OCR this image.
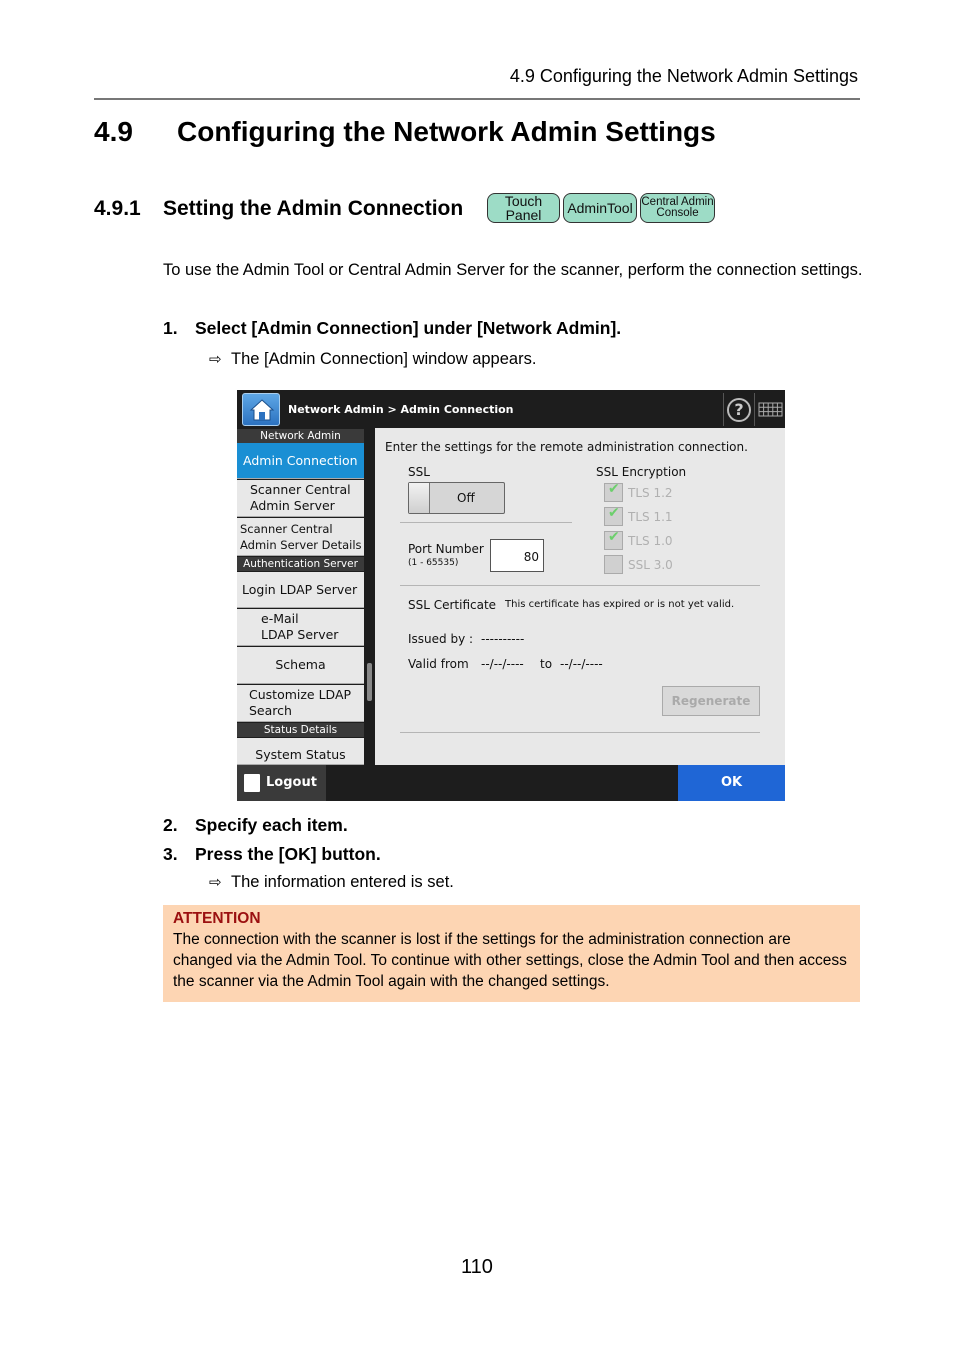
4.9 Configuring the Network Admin Settings
4.9 Configuring the Network Admin Settings
4.9.1 Setting the Admin Connection	Touch
Panel	AdminTool Central Admin
Console
To use the Admin Tool or Central Admin Server for the scanner, perform the connection settings.
1. Select [Admin Connection] under [Network Admin].
⇨ The [Admin Connection] window appears.
Network Admin > Admin Connection	?
Network Admin
Admin Connection
Scanner Central
Admin Server
Scanner Central
Admin Server Details
Authentication Server
Login LDAP Server
e-Mail
LDAP Server
Schema
Customize LDAP
Search
Status Details
System Status
Enter the settings for the remote administration connection.
SSL
Off
SSL Encryption
✔ TLS 1.2
✔ TLS 1.1
✔ TLS 1.0
SSL 3.0
Port Number
(1 - 65535)	80
SSL Certificate This certificate has expired or is not yet valid.
Issued by : ----------
Valid from --/--/---- to --/--/----
Regenerate
Logout	OK
2. Specify each item.
3. Press the [OK] button.
⇨ The information entered is set.
ATTENTION
The connection with the scanner is lost if the settings for the administration connection are changed via the Admin Tool. To continue with other settings, close the Admin Tool and then access the scanner via the Admin Tool again with the changed settings.
110
